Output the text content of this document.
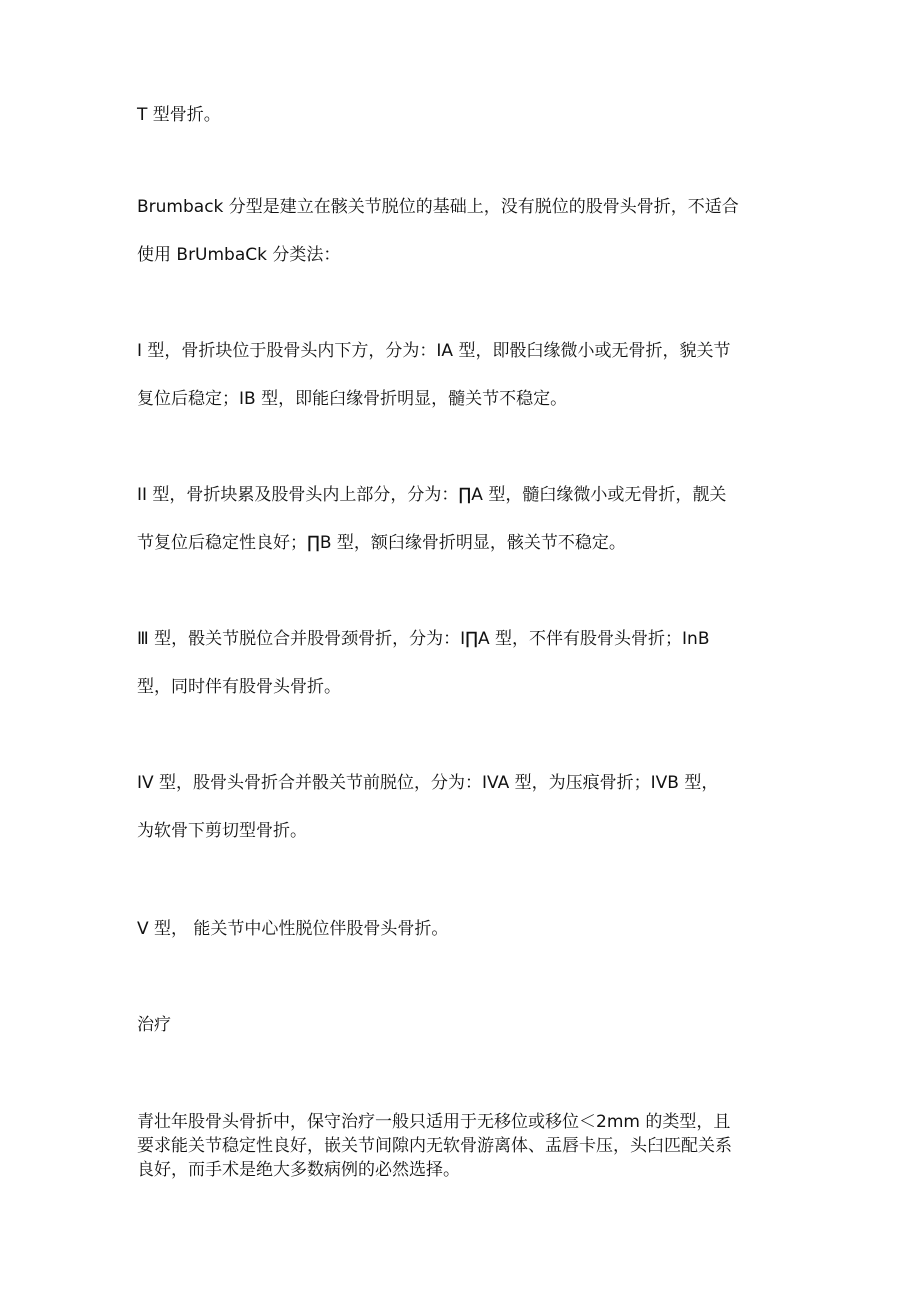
T 型骨折。

Brumback 分型是建立在骸关节脱位的基础上，没有脱位的股骨头骨折，不适合

使用 BrUmbaCk 分类法：

I 型，骨折块位于股骨头内下方，分为：IA 型，即骰臼缘微小或无骨折，貌关节

复位后稳定；IB 型，即能臼缘骨折明显，髓关节不稳定。

II 型，骨折块累及股骨头内上部分，分为：∏A 型，髓臼缘微小或无骨折，靓关

节复位后稳定性良好；∏B 型，额臼缘骨折明显，骸关节不稳定。

Ⅲ 型，骰关节脱位合并股骨颈骨折，分为：I∏A 型，不伴有股骨头骨折；InB

型，同时伴有股骨头骨折。

IV 型，股骨头骨折合并骰关节前脱位，分为：IVA 型，为压痕骨折；IVB 型，

为软骨下剪切型骨折。

V 型， 能关节中心性脱位伴股骨头骨折。

治疗

青壮年股骨头骨折中，保守治疗一般只适用于无移位或移位＜2mm 的类型，且
要求能关节稳定性良好，嵌关节间隙内无软骨游离体、盂唇卡压，头臼匹配关系
良好，而手术是绝大多数病例的必然选择。
